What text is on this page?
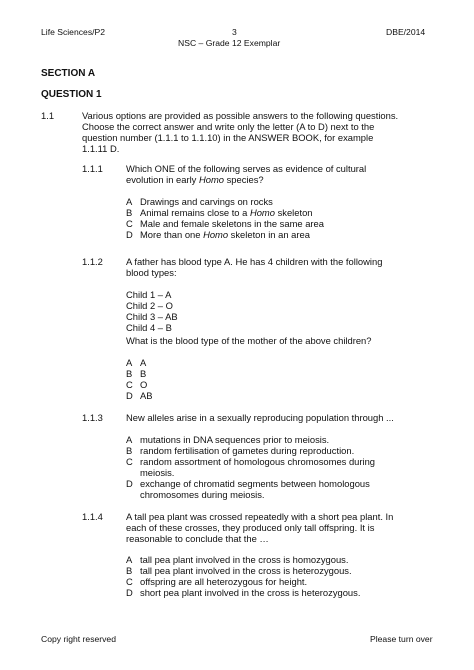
Life Sciences/P2	3	DBE/2014
NSC – Grade 12 Exemplar
SECTION A
QUESTION 1
1.1	Various options are provided as possible answers to the following questions.
Choose the correct answer and write only the letter (A to D) next to the
question number (1.1.1 to 1.1.10) in the ANSWER BOOK, for example
1.1.11 D.
1.1.1 Which ONE of the following serves as evidence of cultural
evolution in early Homo species?
A Drawings and carvings on rocks
B Animal remains close to a Homo skeleton
C Male and female skeletons in the same area
D More than one Homo skeleton in an area
1.1.2 A father has blood type A. He has 4 children with the following
blood types:
Child 1 – A
Child 2 – O
Child 3 – AB
Child 4 – B
What is the blood type of the mother of the above children?
A A
B B
C O
D AB
1.1.3 New alleles arise in a sexually reproducing population through ...
A mutations in DNA sequences prior to meiosis.
B random fertilisation of gametes during reproduction.
C random assortment of homologous chromosomes during
meiosis.
D exchange of chromatid segments between homologous
chromosomes during meiosis.
1.1.4 A tall pea plant was crossed repeatedly with a short pea plant. In
each of these crosses, they produced only tall offspring. It is
reasonable to conclude that the …
A tall pea plant involved in the cross is homozygous.
B tall pea plant involved in the cross is heterozygous.
C offspring are all heterozygous for height.
D short pea plant involved in the cross is heterozygous.
Copy right reserved	Please turn over
